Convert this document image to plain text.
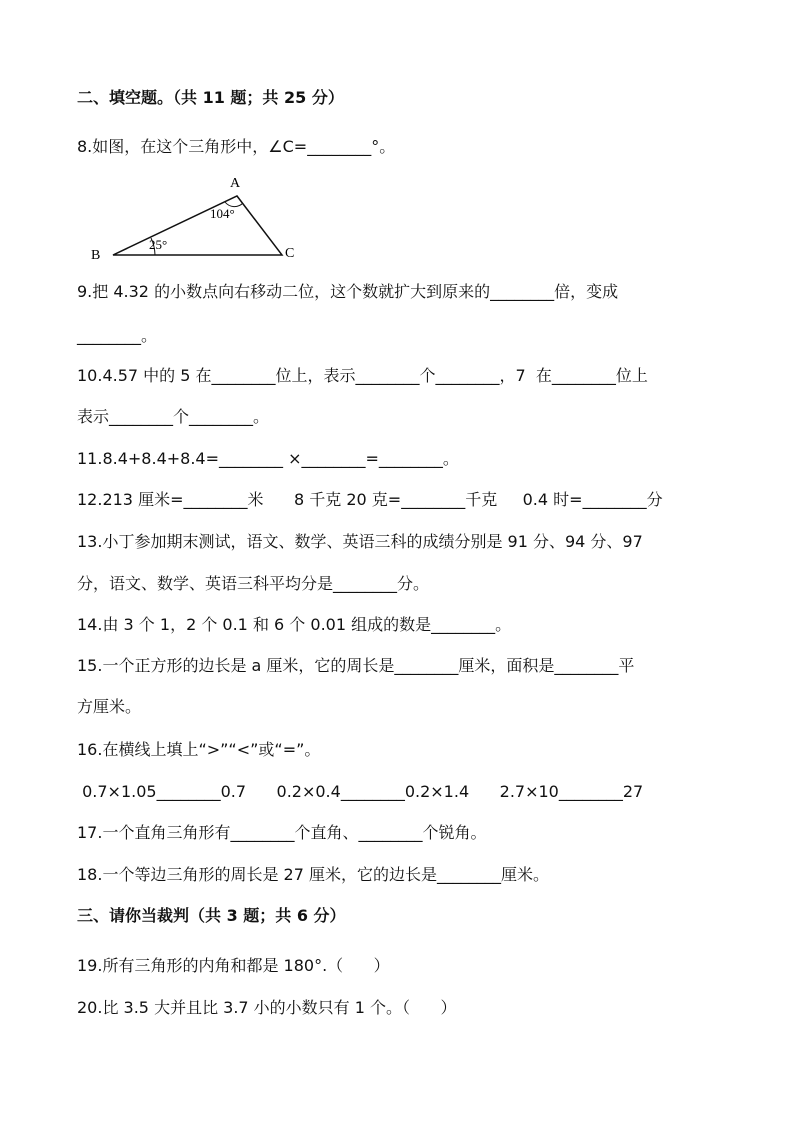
二、填空题。（共 11 题；共 25 分）
8.如图，在这个三角形中，∠C=________°。
A
B	C
104°
25°
9.把 4.32 的小数点向右移动二位，这个数就扩大到原来的________倍，变成
________。
10.4.57 中的 5 在________位上，表示________个________，7  在________位上
表示________个________。
11.8.4+8.4+8.4=________ ×________=________。
12.213 厘米=________米      8 千克 20 克=________千克     0.4 时=________分
13.小丁参加期末测试，语文、数学、英语三科的成绩分别是 91 分、94 分、97
分，语文、数学、英语三科平均分是________分。
14.由 3 个 1，2 个 0.1 和 6 个 0.01 组成的数是________。
15.一个正方形的边长是 a 厘米，它的周长是________厘米，面积是________平
方厘米。
16.在横线上填上“>”“<”或“=”。
0.7×1.05________0.7      0.2×0.4________0.2×1.4      2.7×10________27
17.一个直角三角形有________个直角、________个锐角。
18.一个等边三角形的周长是 27 厘米，它的边长是________厘米。
三、请你当裁判（共 3 题；共 6 分）
19.所有三角形的内角和都是 180°.（      ）
20.比 3.5 大并且比 3.7 小的小数只有 1 个。（      ）
